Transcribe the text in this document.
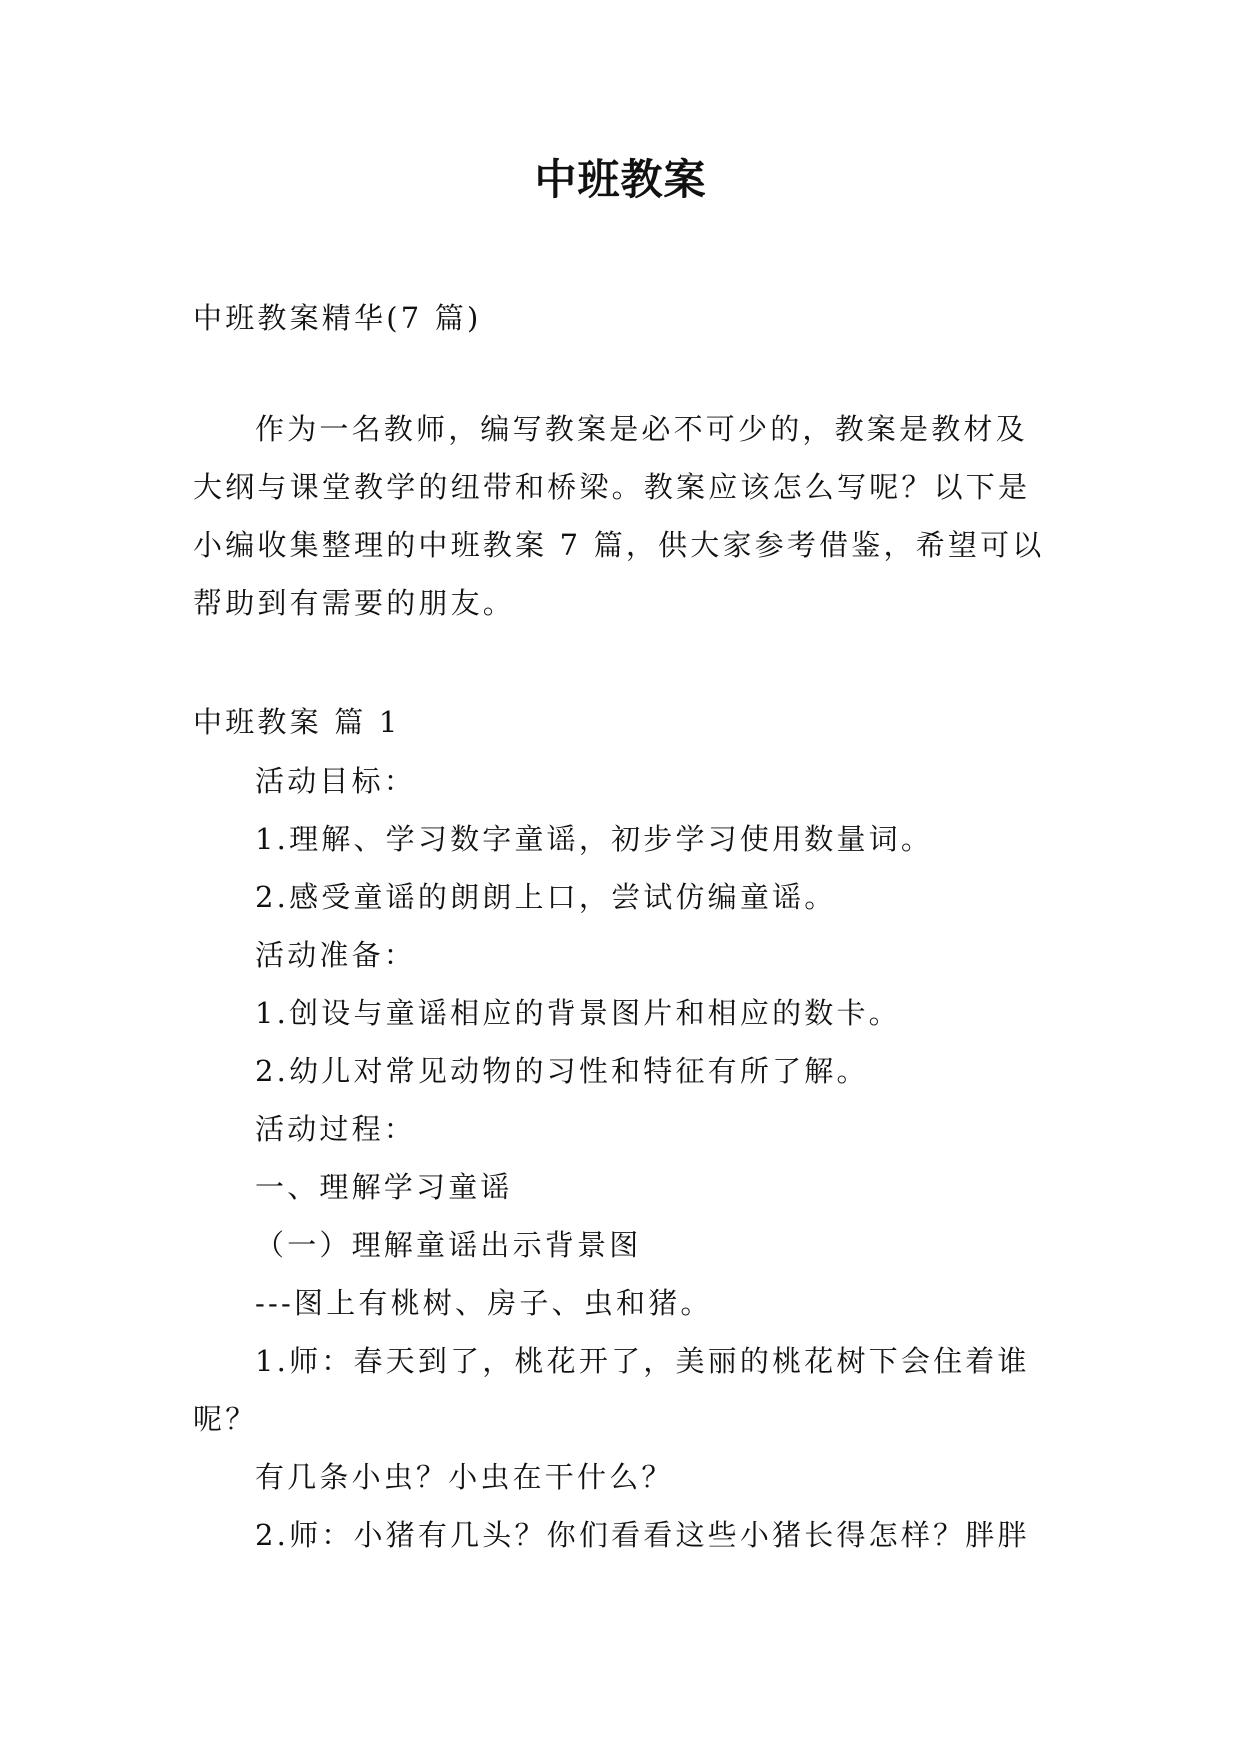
中班教案
中班教案精华(7 篇)
作为一名教师，编写教案是必不可少的，教案是教材及
大纲与课堂教学的纽带和桥梁。教案应该怎么写呢？以下是
小编收集整理的中班教案 7 篇，供大家参考借鉴，希望可以
帮助到有需要的朋友。
中班教案 篇 1
活动目标：
1.理解、学习数字童谣，初步学习使用数量词。
2.感受童谣的朗朗上口，尝试仿编童谣。
活动准备：
1.创设与童谣相应的背景图片和相应的数卡。
2.幼儿对常见动物的习性和特征有所了解。
活动过程：
一、理解学习童谣
（一）理解童谣出示背景图
---图上有桃树、房子、虫和猪。
1.师：春天到了，桃花开了，美丽的桃花树下会住着谁
呢？
有几条小虫？小虫在干什么？
2.师：小猪有几头？你们看看这些小猪长得怎样？胖胖
